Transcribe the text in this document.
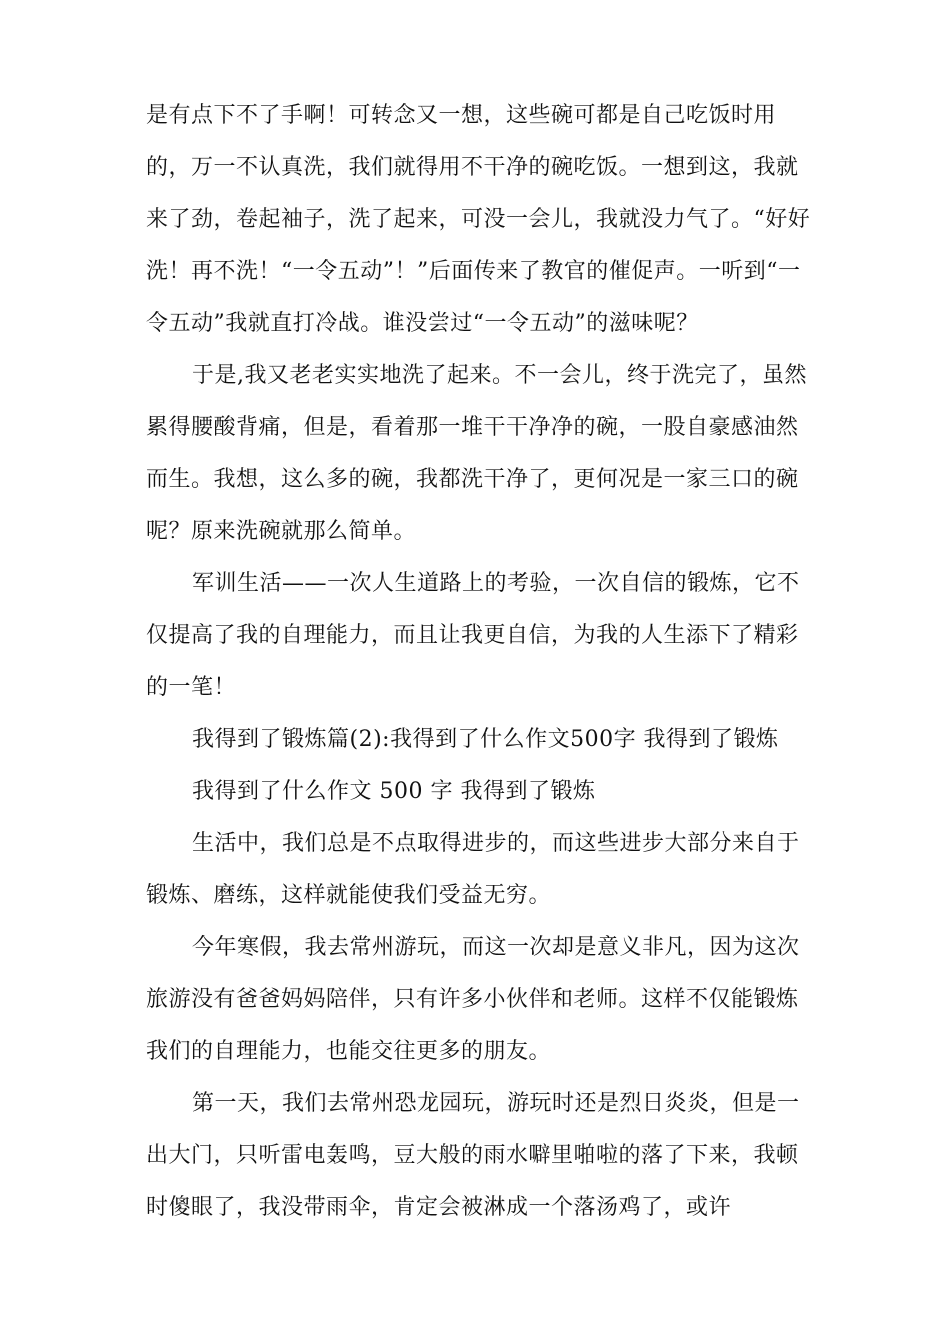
是有点下不了手啊！可转念又一想，这些碗可都是自己吃饭时用的，万一不认真洗，我们就得用不干净的碗吃饭。一想到这，我就来了劲，卷起袖子，洗了起来，可没一会儿，我就没力气了。“好好洗！再不洗！“一令五动”！”后面传来了教官的催促声。一听到“一令五动”我就直打冷战。谁没尝过“一令五动”的滋味呢？

于是,我又老老实实地洗了起来。不一会儿，终于洗完了，虽然累得腰酸背痛，但是，看着那一堆干干净净的碗，一股自豪感油然而生。我想，这么多的碗，我都洗干净了，更何况是一家三口的碗呢？原来洗碗就那么简单。

军训生活——一次人生道路上的考验，一次自信的锻炼，它不仅提高了我的自理能力，而且让我更自信，为我的人生添下了精彩的一笔！

我得到了锻炼篇(2):我得到了什么作文500字 我得到了锻炼

我得到了什么作文 500 字 我得到了锻炼

生活中，我们总是不点取得进步的，而这些进步大部分来自于锻炼、磨练，这样就能使我们受益无穷。

今年寒假，我去常州游玩，而这一次却是意义非凡，因为这次旅游没有爸爸妈妈陪伴，只有许多小伙伴和老师。这样不仅能锻炼我们的自理能力，也能交往更多的朋友。

第一天，我们去常州恐龙园玩，游玩时还是烈日炎炎，但是一出大门，只听雷电轰鸣，豆大般的雨水噼里啪啦的落了下来，我顿时傻眼了，我没带雨伞，肯定会被淋成一个落汤鸡了，或许
